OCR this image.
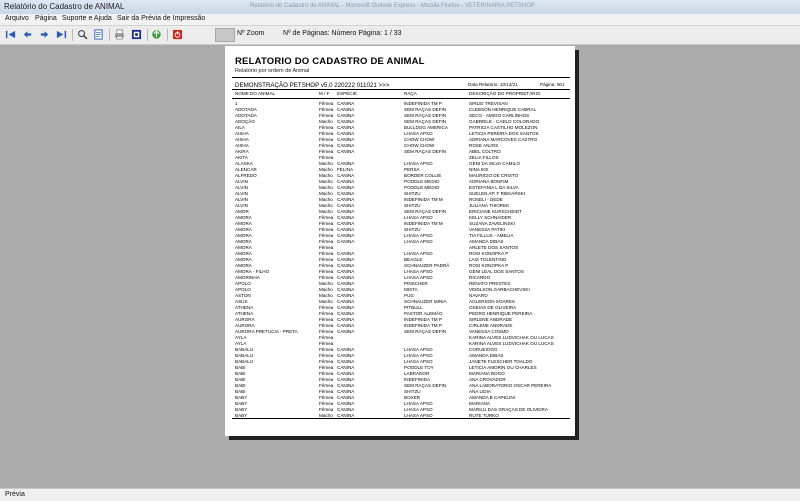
Relatório do Cadastro de ANIMAL	Relatório do Cadastro de ANIMAL - Microsoft Outlook Express - Mozilla Firefox - VETERINARIA PETSHOP
Arquivo Página Suporte e Ajuda Sair da Prévia de Impressão
Nº Zoom	Nº de Páginas: Número Página: 1 / 33
RELATORIO DO CADASTRO DE ANIMAL
Relatório por ordem de Animal
DEMONSTRAÇÃO PETSHOP v5.0 220222 011021 >>>	Data Relatório: 10/12/21	Página: 001
NOME DO ANIMAL	M / F	ESPÉCIE	RAÇA	DESCRIÇÃO DO PROPRIETÁRIO
1	Fêmea CANINA	INDEFINIDA TM P	SIRLEI TREVISAN
ADOTADA	Fêmea CANINA	SEM RAÇAS DEFIN	CLEBSON HENRIQUE CABRAL
ADOTADA	Fêmea CANINA	SEM RAÇAS DEFIN	SECO - AMIGO CARLINHOS
ADOÇÃO	Macho CANINA	SEM RAÇAS DEFIN	GABRIELE - CAELO COLORADO
AILA	Fêmea CANINA	BULLDOG AMERICA	PATRICIA CASTILHO MOLEZON
AISHA	Fêmea CANINA	LHASA APSO	LETICIA PEREIRA DOS SANTOS
AISHA	Fêmea CANINA	CHOW CHOW	ADRIANA MARCOVES CASTRO
AISHA	Fêmea CANINA	CHOW CHOW	ROSE ANJOS
AKIRA	Fêmea CANINA	SEM RAÇAS DEFIN	ABEL COLTRO
AKITA	Fêmea	ZELIA FILLOS
ALASKA	Macho CANINA	LHASA APSO	GENI DA SILVA CAMILO
ALENCAR	Macho FELINA	PERSA	NINA IKE
ALFREDO	Macho CANINA	BORDER COLLIE	MAURICIO DE CRISTO
ALVIN	Macho CANINA	POODLE MEDIO	ADRIANA BONFIM
ALVIN	Macho CANINA	POODLE MEDIO	ESTEFANIA L DA SILVA
ALVIN	Macho CANINA	SHITZU	SUELEN AP. F RIEKARSKI
ALVIN	Macho CANINA	INDEFINIDA TM M	ROSELI - DEDE
ALVIN	Macho CANINA	SHITZU	JULIANA THIOREK
AMOR	Macho CANINA	SEM RAÇAS DEFIN	ERICIANE KURSCHEIDT
AMORA	Fêmea CANINA	LHASA APSO	KELLY SCHNAIDER
AMORA	Fêmea CANINA	INDEFINIDA TM M	SUZANA ZAVELINSKI
AMORA	Fêmea CANINA	SHITZU	VANESSA PATIKI
AMORA	Fêmea CANINA	LHASA APSO	TIA FILLUS - AMELIA
AMORA	Fêmea CANINA	LHASA APSO	AMANDA DIBAS
AMORA	Fêmea	ARLETE DOS SANTOS
AMORA	Fêmea CANINA	LHASA APSO	ROSI KONOPKA P
AMORA	Fêmea CANINA	BEAGLE	LAIS TOLENTINO
AMORA	Fêmea CANINA	SCHNAUZER PADRÃ	ROSI KONOPKA P
AMORA - FILHO	Fêmea CANINA	LHASA APSO	GENI LEAL DOS SANTOS
AMORINHA	Fêmea CANINA	LHASA APSO	RICARDO
APOLO	Macho CANINA	PINSCHER	RENATO PRESTES
APOLO	Macho CANINA	MISTA	VEIDLSON GARBACHEVSKI
ASTON	Macho CANINA	PUG	NAVARO
ASUS	Macho CANINA	SCHNAUZER MINIA	AGLERSON SOARES
ATHENA	Fêmea CANINA	PITBULL	OSEIAS DE OLIVEIRA
ATHENA	Fêmea CANINA	PASTOR ALEMÃO	PEDRO HENRIQUE PEREIRA
AURORA	Fêmea CANINA	INDEFINIDA TM P	SIRLENE ANDRADE
AURORA	Fêmea CANINA	INDEFINIDA TM P	CIRLENE ANDRADE
AURORA PRETUCIA - PRETA	Fêmea CANINA	SEM RAÇAS DEFIN	VANESSA COSMO
AYLA	Fêmea	KARINA ALVES LUDVICHAK OU LUCAS
AYLA	Fêmea	KARINA ALVES LUDVICHAK OU LUCAS
BABALU	Fêmea CANINA	LHASA APSO	CORUEIOGG
BABALU	Fêmea CANINA	LHASA APSO	AMANDA DIBAS
BABALU	Fêmea CANINA	LHASA APSO	JANETE FLESCHER TOALDO
BABI	Fêmea CANINA	POODLE TOY	LETICIA AMORIN OU CHARLES
BABI	Fêmea CANINA	LABRADOR	MARIANA BOGO
BABI	Fêmea CANINA	INDEFINIDA	ANA CROVADOR
BABI	Fêmea CANINA	SEM RAÇAS DEFIN	ANA LABORATORIO OSCAR PEREIRA
BABI	Fêmea CANINA	SHITZU	ANA LIDIA
BABY	Fêmea CANINA	BOXER	AMANDA B CAPELINI
BABY	Fêmea CANINA	LHASA APSO	MARIANA
BABY	Fêmea CANINA	LHASA APSO	MARILU DAS GRAÇAS DE OLIVEIRA
BABY	Macho CANINA	LHASA APSO	RUTE TURKO
Prévia
